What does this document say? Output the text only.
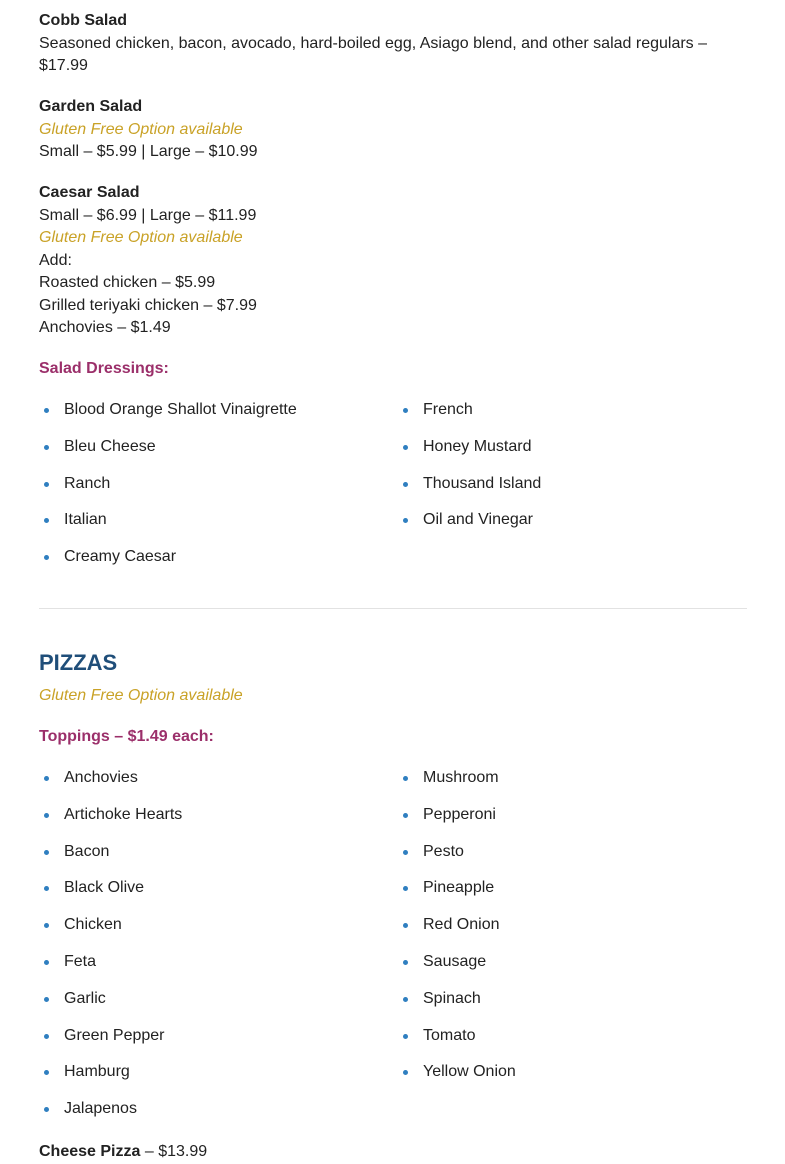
Cobb Salad
Seasoned chicken, bacon, avocado, hard-boiled egg, Asiago blend, and other salad regulars –
$17.99
Garden Salad
Gluten Free Option available
Small – $5.99 | Large – $10.99
Caesar Salad
Small – $6.99 | Large – $11.99
Gluten Free Option available
Add:
Roasted chicken – $5.99
Grilled teriyaki chicken – $7.99
Anchovies – $1.49
Salad Dressings:
Blood Orange Shallot Vinaigrette
Bleu Cheese
Ranch
Italian
Creamy Caesar
French
Honey Mustard
Thousand Island
Oil and Vinegar
PIZZAS
Gluten Free Option available
Toppings – $1.49 each:
Anchovies
Artichoke Hearts
Bacon
Black Olive
Chicken
Feta
Garlic
Green Pepper
Hamburg
Jalapenos
Mushroom
Pepperoni
Pesto
Pineapple
Red Onion
Sausage
Spinach
Tomato
Yellow Onion
Cheese Pizza – $13.99
